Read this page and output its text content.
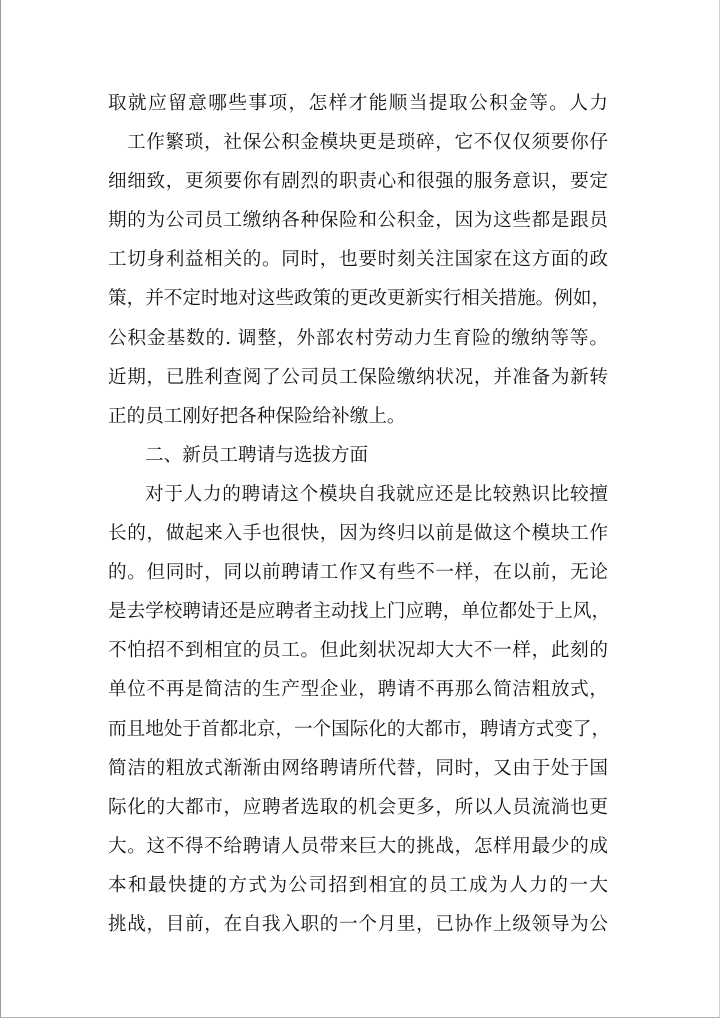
取就应留意哪些事项，怎样才能顺当提取公积金等。人力
工作繁琐，社保公积金模块更是琐碎，它不仅仅须要你仔
细细致，更须要你有剧烈的职责心和很强的服务意识，要定
期的为公司员工缴纳各种保险和公积金，因为这些都是跟员
工切身利益相关的。同时，也要时刻关注国家在这方面的政
策，并不定时地对这些政策的更改更新实行相关措施。例如，
公积金基数的. 调整，外部农村劳动力生育险的缴纳等等。
近期，已胜利查阅了公司员工保险缴纳状况，并准备为新转
正的员工刚好把各种保险给补缴上。
二、新员工聘请与选拔方面
对于人力的聘请这个模块自我就应还是比较熟识比较擅
长的，做起来入手也很快，因为终归以前是做这个模块工作
的。但同时，同以前聘请工作又有些不一样，在以前，无论
是去学校聘请还是应聘者主动找上门应聘，单位都处于上风，
不怕招不到相宜的员工。但此刻状况却大大不一样，此刻的
单位不再是简洁的生产型企业，聘请不再那么简洁粗放式，
而且地处于首都北京，一个国际化的大都市，聘请方式变了，
简洁的粗放式渐渐由网络聘请所代替，同时，又由于处于国
际化的大都市，应聘者选取的机会更多，所以人员流淌也更
大。这不得不给聘请人员带来巨大的挑战，怎样用最少的成
本和最快捷的方式为公司招到相宜的员工成为人力的一大
挑战，目前，在自我入职的一个月里，已协作上级领导为公
